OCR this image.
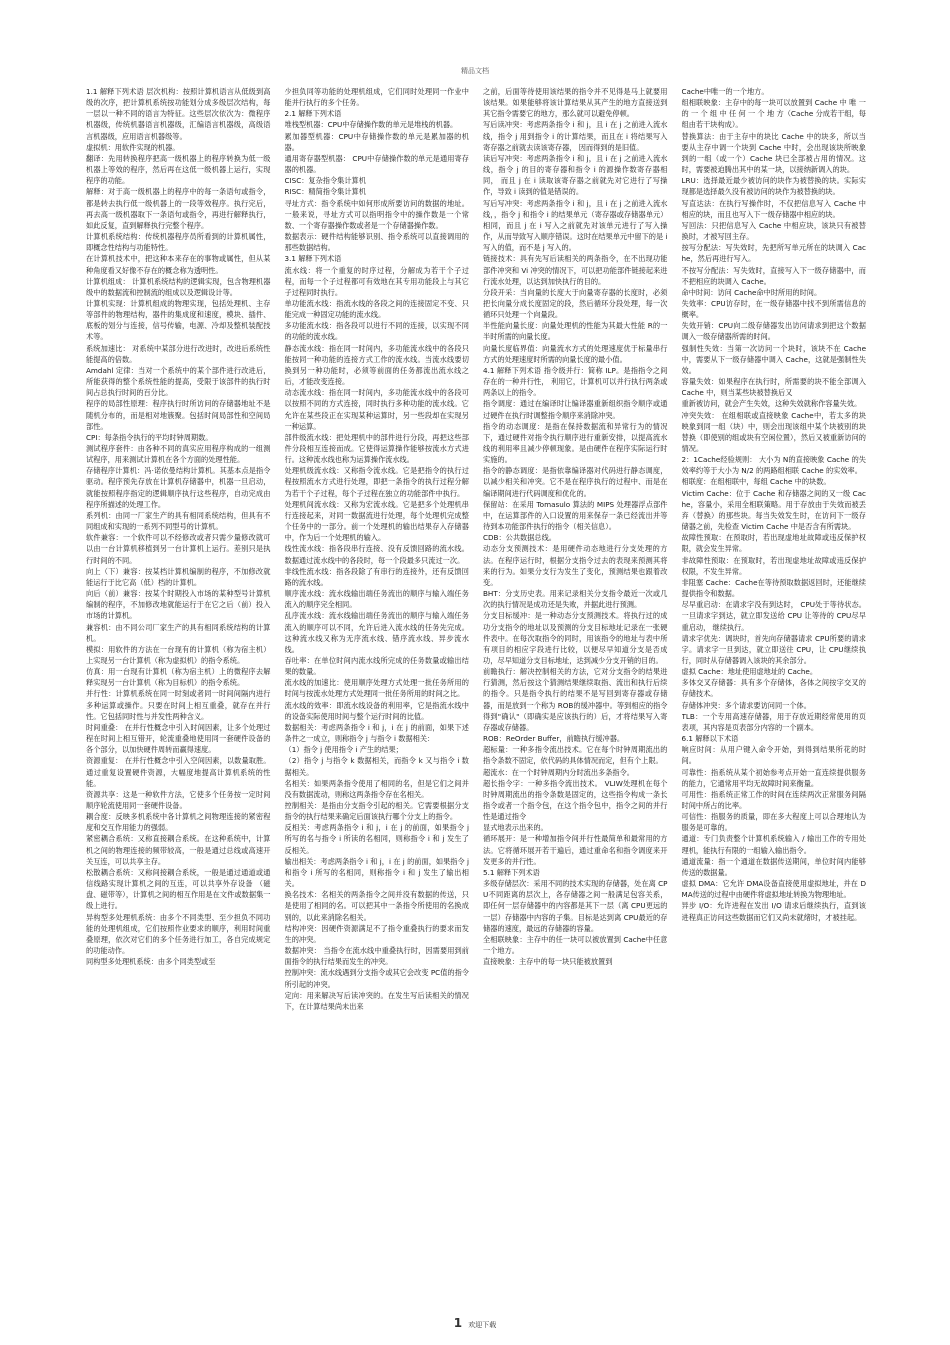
精品文档

1.1 解释下列术语 层次机构：按照计算机语言从低级到高级的次序，把计算机系统按功能划分成多级层次结构，每一层以一种不同的语言为特征。这些层次依次为：微程序机器级，传统机器语言机器级，汇编语言机器级，高级语言机器级，应用语言机器级等。

虚拟机：用软件实现的机器。

翻译：先用转换程序把高一级机器上的程序转换为低一级机器上等效的程序，然后再在这低一级机器上运行，实现程序的功能。

解释：对于高一级机器上的程序中的每一条语句或指令，都是转去执行低一级机器上的一段等效程序。执行完后，再去高一级机器取下一条语句或指令，再进行解释执行，如此反复，直到解释执行完整个程序。

计算机系统结构：传统机器程序员所看到的计算机属性，即概念性结构与功能特性。

在计算机技术中，把这种本来存在的事物或属性，但从某种角度看又好像不存在的概念称为透明性。

计算机组成： 计算机系统结构的逻辑实现，包含物理机器级中的数据流和控制流的组成以及逻辑设计等。

计算机实现：计算机组成的物理实现，包括处理机、主存等部件的物理结构，器件的集成度和速度，模块、插件、底板的划分与连接，信号传输，电源、冷却及整机装配技术等。

系统加速比： 对系统中某部分进行改进时，改进后系统性能提高的倍数。

Amdahl 定律：当对一个系统中的某个部件进行改进后，所能获得的整个系统性能的提高，受限于该部件的执行时间占总执行时间的百分比。

程序的局部性原理：程序执行时所访问的存储器地址不是随机分布的，而是相对地簇聚。包括时间局部性和空间局部性。

CPI：每条指令执行的平均时钟周期数。

测试程序套件：由各种不同的真实应用程序构成的一组测试程序，用来测试计算机在各个方面的处理性能。

存储程序计算机：冯·诺依曼结构计算机。其基本点是指令驱动。程序预先存放在计算机存储器中，机器一旦启动，就能按照程序指定的逻辑顺序执行这些程序，自动完成由程序所描述的处理工作。

系列机：由同一厂家生产的具有相同系统结构，但具有不同组成和实现的一系列不同型号的计算机。

软件兼容：一个软件可以不经修改或者只需少量修改就可以由一台计算机移植到另一台计算机上运行。差别只是执行时间的不同。

向上（下）兼容：按某档计算机编制的程序，不加修改就能运行于比它高（低）档的计算机。

向后（前）兼容：按某个时期投入市场的某种型号计算机编制的程序，不加修改地就能运行于在它之后（前）投入市场的计算机。

兼容机：由不同公司厂家生产的具有相同系统结构的计算机。

模拟：用软件的方法在一台现有的计算机（称为宿主机）上实现另一台计算机（称为虚拟机）的指令系统。

仿真：用一台现有计算机（称为宿主机）上的微程序去解释实现另一台计算机（称为目标机）的指令系统。

并行性：计算机系统在同一时刻或者同一时间间隔内进行多种运算或操作。只要在时间上相互重叠，就存在并行性。它包括同时性与并发性两种含义。

时间重叠： 在并行性概念中引入时间因素，让多个处理过程在时间上相互错开，轮流重叠地使用同一套硬件设备的各个部分，以加快硬件周转而赢得速度。

资源重复： 在并行性概念中引入空间因素，以数量取胜。通过重复设置硬件资源，大幅度地提高计算机系统的性能。

资源共享：这是一种软件方法，它使多个任务按一定时间顺序轮流使用同一套硬件设备。

耦合度：反映多机系统中各计算机之间物理连接的紧密程度和交互作用能力的强弱。

紧密耦合系统：又称直接耦合系统。在这种系统中，计算机之间的物理连接的频带较高，一般是通过总线或高速开关互连，可以共享主存。

松散耦合系统：又称间接耦合系统，一般是通过通道或通信线路实现计算机之间的互连，可以共享外存设备 （磁盘、磁带等），计算机之间的相互作用是在文件或数据集一级上进行。

异构型多处理机系统：由多个不同类型、至少担负不同功能的处理机组成，它们按照作业要求的顺序，利用时间重叠原理，依次对它们的多个任务进行加工，各自完成规定的功能动作。

同构型多处理机系统：由多个同类型或至

少担负同等功能的处理机组成，它们同时处理同一作业中能并行执行的多个任务。

2.1 解释下列术语

堆栈型机器：CPU中存储操作数的单元是堆栈的机器。

累加器型机器：CPU中存储操作数的单元是累加器的机器。

通用寄存器型机器： CPU中存储操作数的单元是通用寄存器的机器。

CISC：复杂指令集计算机

RISC：精简指令集计算机

寻址方式：指令系统中如何形成所要访问的数据的地址。一般来说，寻址方式可以指明指令中的操作数是一个常数、一个寄存器操作数或者是一个存储器操作数。

数据表示：硬件结构能够识别、指令系统可以直接调用的那些数据结构。

3.1 解释下列术语

流水线：将一个重复的时序过程，分解成为若干个子过程，而每一个子过程都可有效地在其专用功能段上与其它子过程同时执行。

单功能流水线：指流水线的各段之间的连接固定不变、只能完成一种固定功能的流水线。

多功能流水线：指各段可以进行不同的连接，以实现不同的功能的流水线。

静态流水线：指在同一时间内，多功能流水线中的各段只能按同一种功能的连接方式工作的流水线。当流水线要切换到另一种功能时，必须等前面的任务都流出流水线之后，才能改变连接。

动态流水线：指在同一时间内，多功能流水线中的各段可以按照不同的方式连接，同时执行多种功能的流水线。它允许在某些段正在实现某种运算时，另一些段却在实现另一种运算。

部件级流水线：把处理机中的部件进行分段，再把这些部件分段相互连接而成。它使得运算操作能够按流水方式进行。这种流水线也称为运算操作流水线。

处理机级流水线：又称指令流水线。它是把指令的执行过程按照流水方式进行处理，即把一条指令的执行过程分解为若干个子过程，每个子过程在独立的功能部件中执行。

处理机间流水线：又称为宏流水线。它是把多个处理机串行连接起来，对同一数据流进行处理，每个处理机完成整个任务中的一部分。前一个处理机的输出结果存入存储器中，作为后一个处理机的输入。

线性流水线：指各段串行连接、没有反馈回路的流水线。数据通过流水线中的各段时，每一个段最多只流过一次。

非线性流水线：指各段除了有串行的连接外，还有反馈回路的流水线。

顺序流水线：流水线输出端任务流出的顺序与输入端任务流入的顺序完全相同。

乱序流水线：流水线输出端任务流出的顺序与输入端任务流入的顺序可以不同，允许后进入流水线的任务先完成。这种流水线又称为无序流水线、错序流水线、异步流水线。

吞吐率：在单位时间内流水线所完成的任务数量或输出结果的数量。

流水线的加速比：使用顺序处理方式处理一批任务所用的时间与按流水处理方式处理同一批任务所用的时间之比。

流水线的效率：即流水线设备的利用率，它是指流水线中的设备实际使用时间与整个运行时间的比值。

数据相关：考虑两条指令 i 和 j，i 在 j 的前面，如果下述条件之一成立，则称指令 j 与指令 i 数据相关：

（1）指令 j 使用指令 i 产生的结果；

（2）指令 j 与指令 k 数据相关，而指令 k 又与指令 i 数据相关。

名相关：如果两条指令使用了相同的名，但是它们之间并没有数据流动，则称这两条指令存在名相关。

控制相关：是指由分支指令引起的相关。它需要根据分支指令的执行结果来确定后面该执行哪个分支上的指令。

反相关：考虑两条指令 i 和 j，i 在 j 的前面，如果指令 j 所写的名与指令 i 所读的名相同，则称指令 i 和 j 发生了反相关。

输出相关：考虑两条指令 i 和 j，i 在 j 的前面，如果指令 j 和指令 i 所写的名相同，则称指令 i 和 j 发生了输出相关。

换名技术：名相关的两条指令之间并没有数据的传送，只是使用了相同的名。可以把其中一条指令所使用的名换成别的，以此来消除名相关。

结构冲突：因硬件资源满足不了指令重叠执行的要求而发生的冲突。

数据冲突： 当指令在流水线中重叠执行时，因需要用到前面指令的执行结果而发生的冲突。

控制冲突：流水线遇到分支指令或其它会改变 PC值的指令所引起的冲突。

定向：用来解决写后读冲突的。在发生写后读相关的情况下，在计算结果尚未出来

之前，后面等待使用该结果的指令并不见得是马上就要用该结果。如果能够将该计算结果从其产生的地方直接送到其它指令需要它的地方，那么就可以避免停顿。

写后读冲突：考虑两条指令 i 和 j，且 i 在 j 之前进入流水线，指令 j 用到指令 i 的计算结果，而且在 i 将结果写入寄存器之前就去读该寄存器， 因而得到的是旧值。

读后写冲突：考虑两条指令 i 和 j，且 i 在 j 之前进入流水线，指令 j 的目的寄存器和指令 i 的源操作数寄存器相同， 而且 j 在 i 读取该寄存器之前就先对它进行了写操作，导致 i 读到的值是错误的。

写后写冲突：考虑两条指令 i 和 j，且 i 在 j 之前进入流水线，，指令 j 和指令 i 的结果单元（寄存器或存储器单元）相同，而且 j 在 i 写入之前就先对该单元进行了写入操作，从而导致写入顺序错误。这时在结果单元中留下的是 i 写入的值，而不是 j 写入的。

链接技术：具有先写后读相关的两条指令，在不出现功能部件冲突和 Vi 冲突的情况下，可以把功能部件链接起来进行流水处理，以达到加快执行的目的。

分段开采：当向量的长度大于向量寄存器的长度时，必须把长向量分成长度固定的段，然后循环分段处理，每一次循环只处理一个向量段。

半性能向量长度：向量处理机的性能为其最大性能 R的一半时所需的向量长度。

向量长度临界值：向量流水方式的处理速度优于标量串行方式的处理速度时所需的向量长度的最小值。

4.1 解释下列术语 指令级并行：简称 ILP。是指指令之间存在的一种并行性， 利用它，计算机可以并行执行两条或两条以上的指令。

指令调度：通过在编译时让编译器重新组织指令顺序或通过硬件在执行时调整指令顺序来消除冲突。

指令的动态调度：是指在保持数据流和异常行为的情况下，通过硬件对指令执行顺序进行重新安排，以提高流水线的利用率且减少停顿现象。是由硬件在程序实际运行时实施的。

指令的静态调度：是指依靠编译器对代码进行静态调度，以减少相关和冲突。它不是在程序执行的过程中、而是在编译期间进行代码调度和优化的。

保留站：在采用 Tomasulo 算法的 MIPS 处理器浮点部件中，在运算部件的入口设置的用来保存一条已经流出并等待到本功能部件执行的指令（相关信息）。

CDB：公共数据总线。

动态分支预测技术：是用硬件动态地进行分支处理的方法。在程序运行时，根据分支指令过去的表现来预测其将来的行为。如果分支行为发生了变化，预测结果也跟着改变。

BHT：分支历史表。用来记录相关分支指令最近一次或几次的执行情况是成功还是失败，并据此进行预测。

分支目标缓冲：是一种动态分支预测技术。将执行过的成功分支指令的地址以及预测的分支目标地址记录在一张硬件表中。在每次取指令的同时，用该指令的地址与表中所有项目的相应字段进行比较，以便尽早知道分支是否成功，尽早知道分支目标地址，达到减少分支开销的目的。

前瞻执行：解决控制相关的方法，它对分支指令的结果进行猜测，然后按这个猜测结果继续取指、流出和执行后续的指令。只是指令执行的结果不是写回到寄存器或存储器，而是放到一个称为 ROB的缓冲器中。等到相应的指令得到"确认"（即确实是应该执行的）后，才将结果写入寄存器或存储器。

ROB：ReOrder Buffer，前瞻执行缓冲器。

超标量：一种多指令流出技术。它在每个时钟周期流出的指令条数不固定，依代码的具体情况而定，但有个上限。

超流水：在一个时钟周期内分时流出多条指令。

超长指令字：一种多指令流出技术。 VLIW处理机在每个时钟周期流出的指令条数是固定的，这些指令构成一条长指令或者一个指令包，在这个指令包中，指令之间的并行性是通过指令

显式地表示出来的。

循环展开：是一种增加指令间并行性最简单和最常用的方法。它将循环展开若干遍后，通过重命名和指令调度来开发更多的并行性。

5.1 解释下列术语

多级存储层次：采用不同的技术实现的存储器，处在离 CPU不同距离的层次上，各存储器之间一般满足包容关系，即任何一层存储器中的内容都是其下一层（离 CPU更远的一层）存储器中内容的子集。目标是达到离 CPU最近的存储器的速度，最远的存储器的容量。

全相联映象：主存中的任一块可以被放置到 Cache中任意一个地方。

直接映象：主存中的每一块只能被放置到

Cache中唯一的一个地方。

组相联映象：主存中的每一块可以放置到 Cache 中 唯 一 的 一 个 组 中 任 何 一 个 地 方（Cache 分成若干组，每组由若干块构成）。

替换算法：由于主存中的块比 Cache 中的块多，所以当要从主存中调一个块到 Cache 中时，会出现该块所映象到的一组（或一个）Cache 块已全部被占用的情况。这时，需要被迫腾出其中的某一块，以接纳新调入的块。

LRU：选择最近最少被访问的块作为被替换的块。实际实现都是选择最久没有被访问的块作为被替换的块。

写直达法：在执行写操作时，不仅把信息写入 Cache 中相应的块，而且也写入下一级存储器中相应的块。

写回法：只把信息写入 Cache 中相应块，该块只有被替换时，才被写回主存。

按写分配法：写失效时，先把所写单元所在的块调入 Cache，然后再进行写入。

不按写分配法：写失效时，直接写入下一级存储器中，而不把相应的块调入 Cache。

命中时间：访问 Cache命中时所用的时间。

失效率：CPU访存时，在一级存储器中找不到所需信息的概率。

失效开销：CPU向二级存储器发出访问请求到把这个数据调入一级存储器所需的时间。

强制性失效：当第一次访问一个块时，该块不在 Cache 中，需要从下一级存储器中调入 Cache，这就是强制性失效。

容量失效：如果程序在执行时，所需要的块不能全部调入 Cache 中，则当某些块被替换后又

重新被访问，就会产生失效，这种失效就称作容量失效。

冲突失效： 在组相联或直接映象 Cache中，若太多的块映象到同一组（块）中，则会出现该组中某个块被别的块替换（即使别的组或块有空闲位置），然后又被重新访问的情况。

2：1Cache经验规则： 大小为 N的直接映象 Cache 的失效率约等于大小为 N/2 的两路组相联 Cache 的实效率。

相联度：在组相联中，每组 Cache 中的块数。

Victim Cache：位于 Cache 和存储器之间的又一级 Cache，容量小，采用全相联策略。用于存放由于失效而被丢弃（替换）的那些块。每当失效发生时，在访问下一级存储器之前，先检查 Victim Cache 中是否含有所需块。

故障性预取：在预取时，若出现虚地址故障或违反保护权限，就会发生异常。

非故障性预取：在预取时，若出现虚地址故障或违反保护权限，不发生异常。

非阻塞 Cache：Cache在等待预取数据返回时，还能继续提供指令和数据。

尽早重启动：在请求字没有到达时， CPU处于等待状态。一旦请求字到达，就立即发送给 CPU 让等待的 CPU尽早重启动， 继续执行。

请求字优先：调块时，首先向存储器请求 CPU所要的请求字。请求字一旦到达，就立即送往 CPU，让 CPU继续执行，同时从存储器调入该块的其余部分。

虚拟 Cache：地址使用虚地址的 Cache。

多体交叉存储器：具有多个存储体，各体之间按字交叉的存储技术。

存储体冲突：多个请求要访问同一个体。

TLB：一个专用高速存储器，用于存放近期经常使用的页表项，其内容是页表部分内容的一个副本。

6.1 解释以下术语

响应时间：从用户键入命令开始，到得到结果所花的时间。

可靠性：指系统从某个初始参考点开始一直连续提供服务的能力，它通常用平均无故障时间来衡量。

可用性：指系统正常工作的时间在连续两次正常服务间隔时间中所占的比率。

可信性：指服务的质量，即在多大程度上可以合理地认为服务是可靠的。

通道：专门负责整个计算机系统输入 / 输出工作的专用处理机，能执行有限的一组输入输出指令。

通道流量：指一个通道在数据传送期间，单位时间内能够传送的数据量。

虚拟 DMA：它允许 DMA设备直接使用虚拟地址，并在 DMA传送的过程中由硬件将虚拟地址转换为物理地址。

异步 I/O：允许进程在发出 I/O 请求后继续执行，直到该进程真正访问这些数据而它们又尚未就绪时，才被挂起。

1 欢迎下载
